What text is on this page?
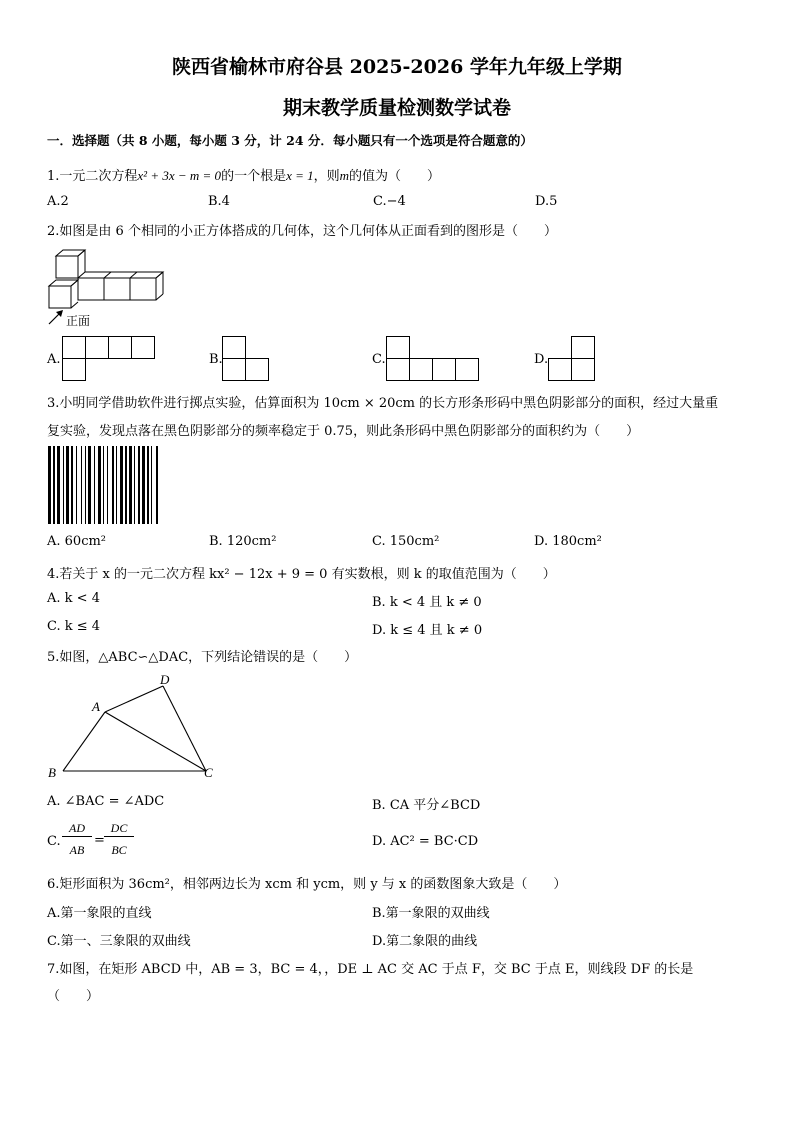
陕西省榆林市府谷县 2025-2026 学年九年级上学期
期末教学质量检测数学试卷
一．选择题（共 8 小题，每小题 3 分，计 24 分．每小题只有一个选项是符合题意的）
1.一元二次方程x² + 3x − m = 0的一个根是x = 1，则m的值为（　　）
A.2	B.4	C.−4	D.5
2.如图是由 6 个相同的小正方体搭成的几何体，这个几何体从正面看到的图形是（　　）
正面
A.	B.	C.	D.
3.小明同学借助软件进行掷点实验，估算面积为 10cm × 20cm 的长方形条形码中黑色阴影部分的面积，经过大量重
复实验，发现点落在黑色阴影部分的频率稳定于 0.75，则此条形码中黑色阴影部分的面积约为（　　）
A. 60cm²	B. 120cm²	C. 150cm²	D. 180cm²
4.若关于 x 的一元二次方程 kx² − 12x + 9 = 0 有实数根，则 k 的取值范围为（　　）
A. k < 4	B. k < 4 且 k ≠ 0
C. k ≤ 4	D. k ≤ 4 且 k ≠ 0
5.如图，△ABC∽△DAC，下列结论错误的是（　　）
A
B	C
D
A. ∠BAC = ∠ADC	B. CA 平分∠BCD
C.
AD
AB
=
DC
BC
D. AC² = BC·CD
6.矩形面积为 36cm²，相邻两边长为 xcm 和 ycm，则 y 与 x 的函数图象大致是（　　）
A.第一象限的直线	B.第一象限的双曲线
C.第一、三象限的双曲线	D.第二象限的曲线
7.如图，在矩形 ABCD 中，AB = 3，BC = 4，，DE ⊥ AC 交 AC 于点 F，交 BC 于点 E，则线段 DF 的长是
（　　）
